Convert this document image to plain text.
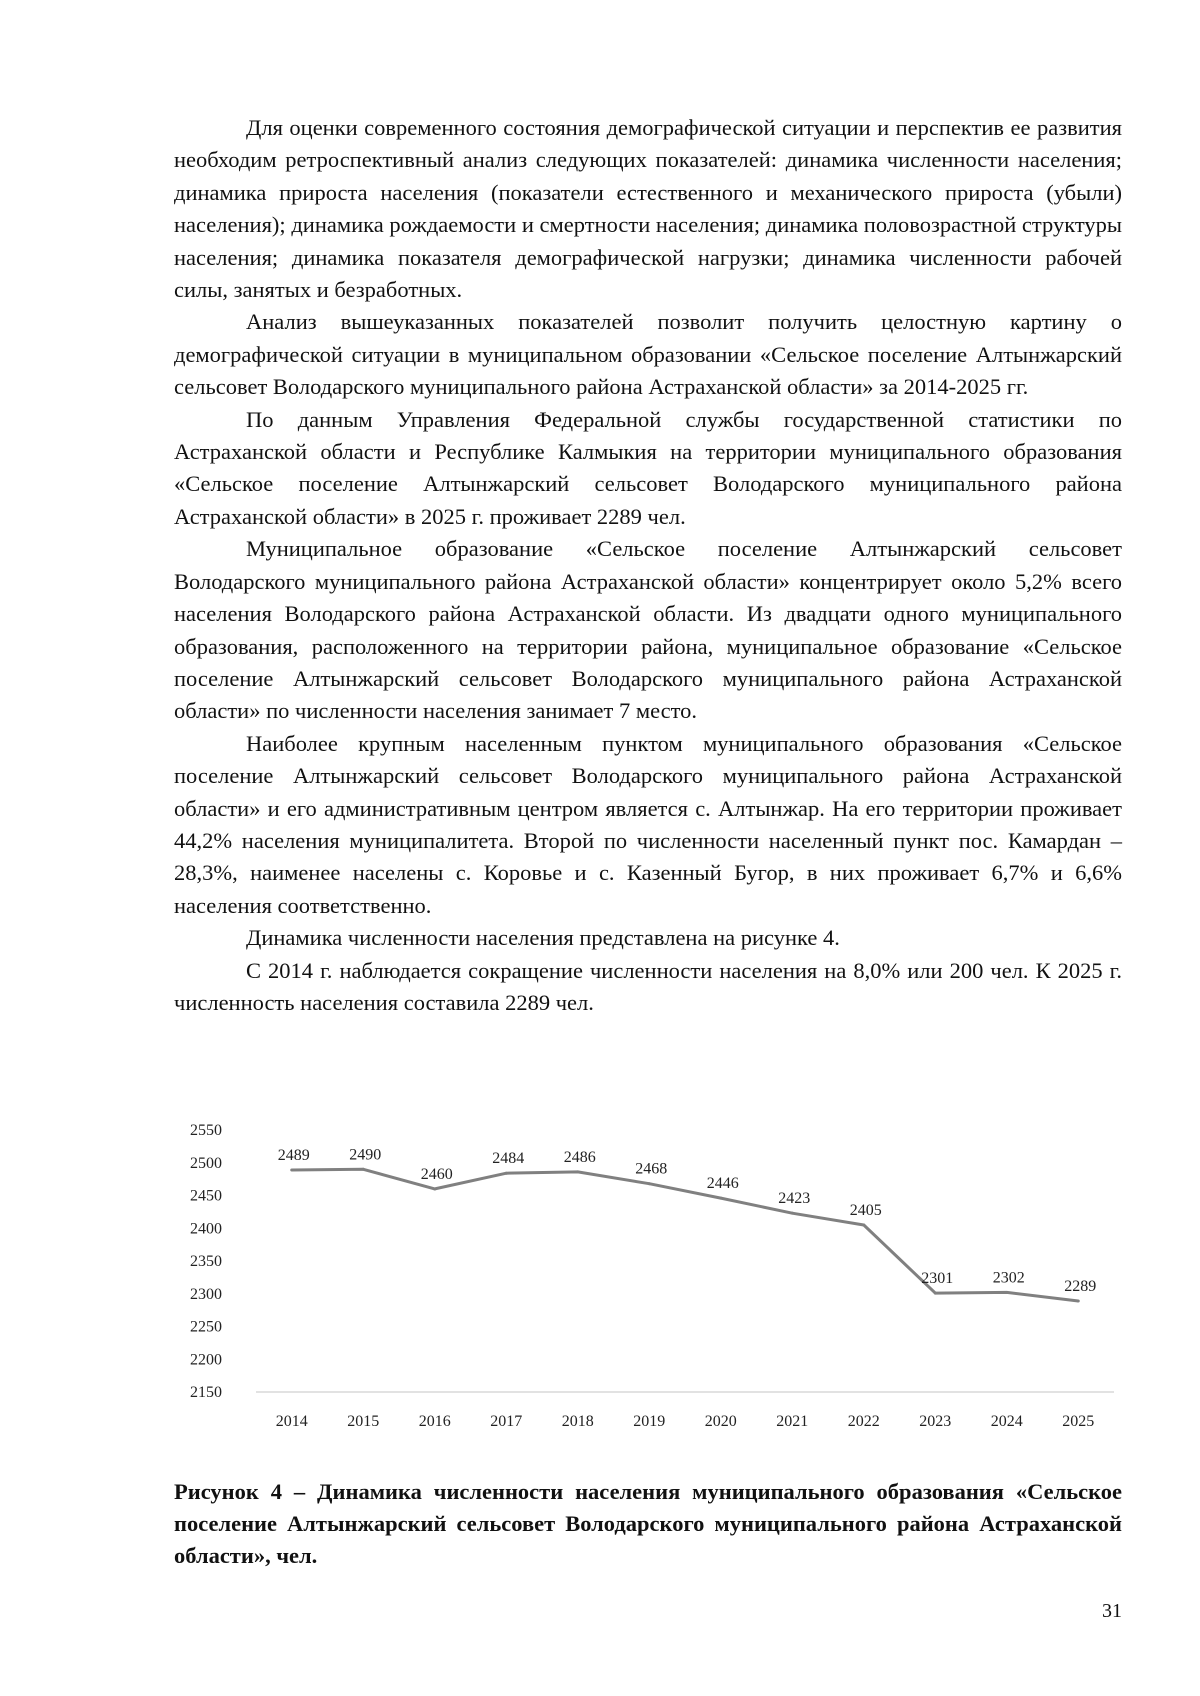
Для оценки современного состояния демографической ситуации и перспектив ее развития необходим ретроспективный анализ следующих показателей: динамика численности населения; динамика прироста населения (показатели естественного и механического прироста (убыли) населения); динамика рождаемости и смертности населения; динамика половозрастной структуры населения; динамика показателя демографической нагрузки; динамика численности рабочей силы, занятых и безработных.

Анализ вышеуказанных показателей позволит получить целостную картину о демографической ситуации в муниципальном образовании «Сельское поселение Алтынжарский сельсовет Володарского муниципального района Астраханской области» за 2014-2025 гг.

По данным Управления Федеральной службы государственной статистики по Астраханской области и Республике Калмыкия на территории муниципального образования «Сельское поселение Алтынжарский сельсовет Володарского муниципального района Астраханской области» в 2025 г. проживает 2289 чел.

Муниципальное образование «Сельское поселение Алтынжарский сельсовет Володарского муниципального района Астраханской области» концентрирует около 5,2% всего населения Володарского района Астраханской области. Из двадцати одного муниципального образования, расположенного на территории района, муниципальное образование «Сельское поселение Алтынжарский сельсовет Володарского муниципального района Астраханской области» по численности населения занимает 7 место.

Наиболее крупным населенным пунктом муниципального образования «Сельское поселение Алтынжарский сельсовет Володарского муниципального района Астраханской области» и его административным центром является с. Алтынжар. На его территории проживает 44,2% населения муниципалитета. Второй по численности населенный пункт пос. Камардан – 28,3%, наименее населены с. Коровье и с. Казенный Бугор, в них проживает 6,7% и 6,6% населения соответственно.

Динамика численности населения представлена на рисунке 4.

С 2014 г. наблюдается сокращение численности населения на 8,0% или 200 чел. К 2025 г. численность населения составила 2289 чел.

2150
2200
2250
2300
2350
2400
2450
2500
2550
2014 2015 2016 2017 2018 2019 2020 2021 2022 2023 2024 2025
2489 2490
2460
2484 2486
2468
2446
2423
2405
2301 2302
2289
Рисунок 4 – Динамика численности населения муниципального образования «Сельское поселение Алтынжарский сельсовет Володарского муниципального района Астраханской области», чел.
31
